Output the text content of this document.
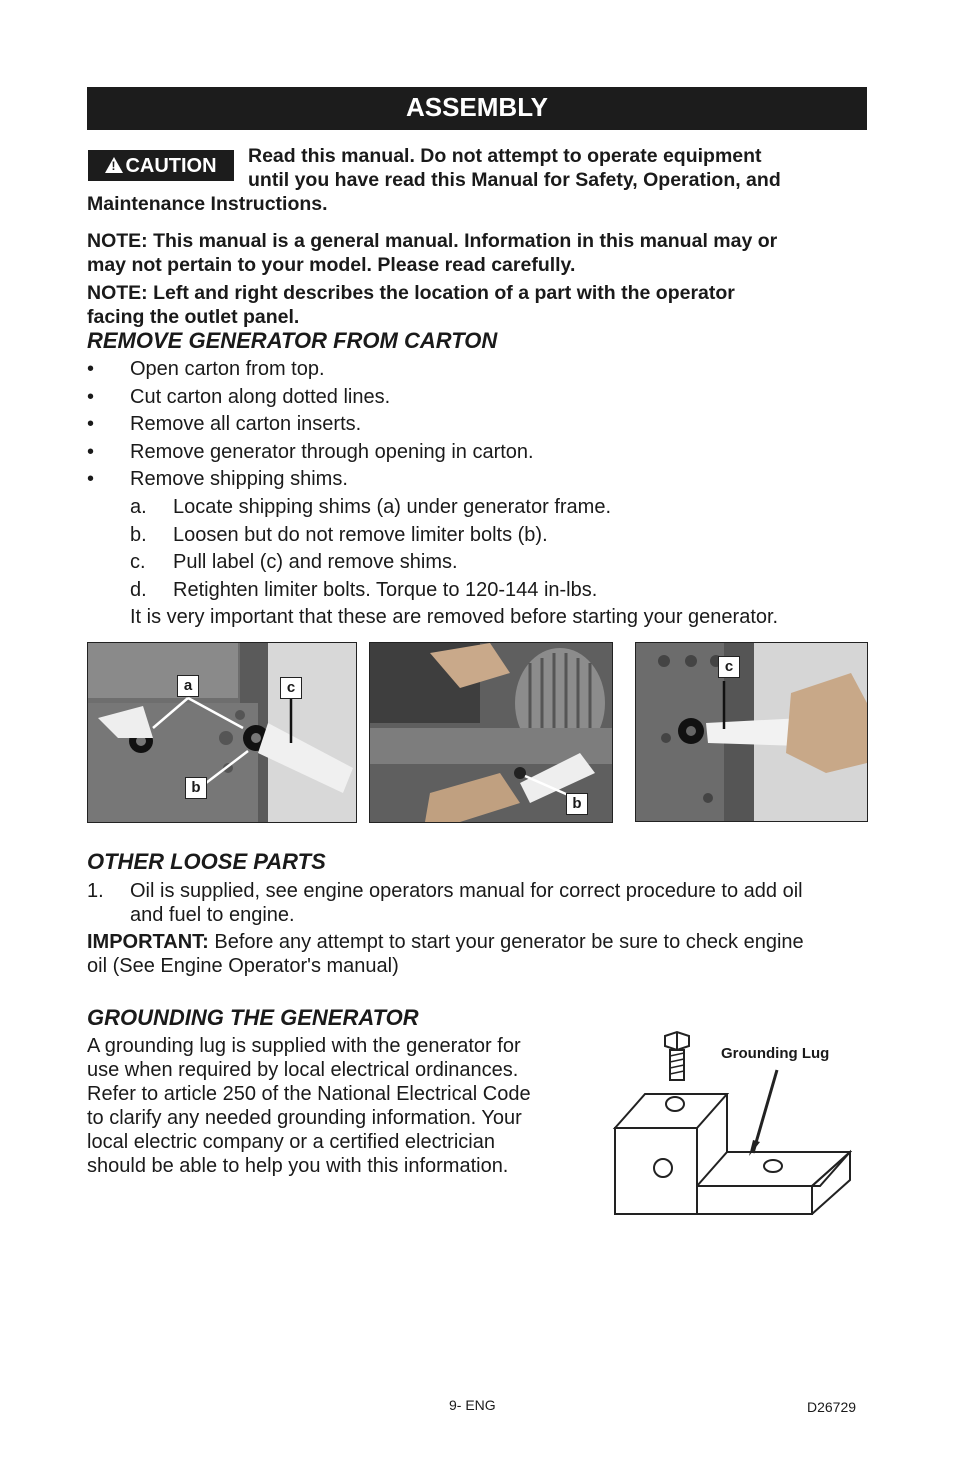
ASSEMBLY
!CAUTION	Read this manual. Do not attempt to operate equipment
until you have read this Manual for Safety, Operation, and
Maintenance Instructions.
NOTE: This manual is a general manual. Information in this manual may or
may not pertain to your model. Please read carefully.
NOTE: Left and right describes the location of a part with the operator
facing the outlet panel.
REMOVE GENERATOR FROM CARTON
• Open carton from top.
• Cut carton along dotted lines.
• Remove all carton inserts.
• Remove generator through opening in carton.
• Remove shipping shims.
a. Locate shipping shims (a) under generator frame.
b. Loosen but do not remove limiter bolts (b).
c. Pull label (c) and remove shims.
d. Retighten limiter bolts. Torque to 120-144 in-lbs.
It is very important that these are removed before starting your generator.
a	c
b
b
c
OTHER LOOSE PARTS
1. Oil is supplied, see engine operators manual for correct procedure to add oil
and fuel to engine.
IMPORTANT: Before any attempt to start your generator be sure to check engine
oil (See Engine Operator's manual)
GROUNDING THE GENERATOR
A grounding lug is supplied with the generator for
use when required by local electrical ordinances.
Refer to article 250 of the National Electrical Code
to clarify any needed grounding information. Your
local electric company or a certified electrician
should be able to help you with this information.
Grounding Lug
9- ENG	D26729
